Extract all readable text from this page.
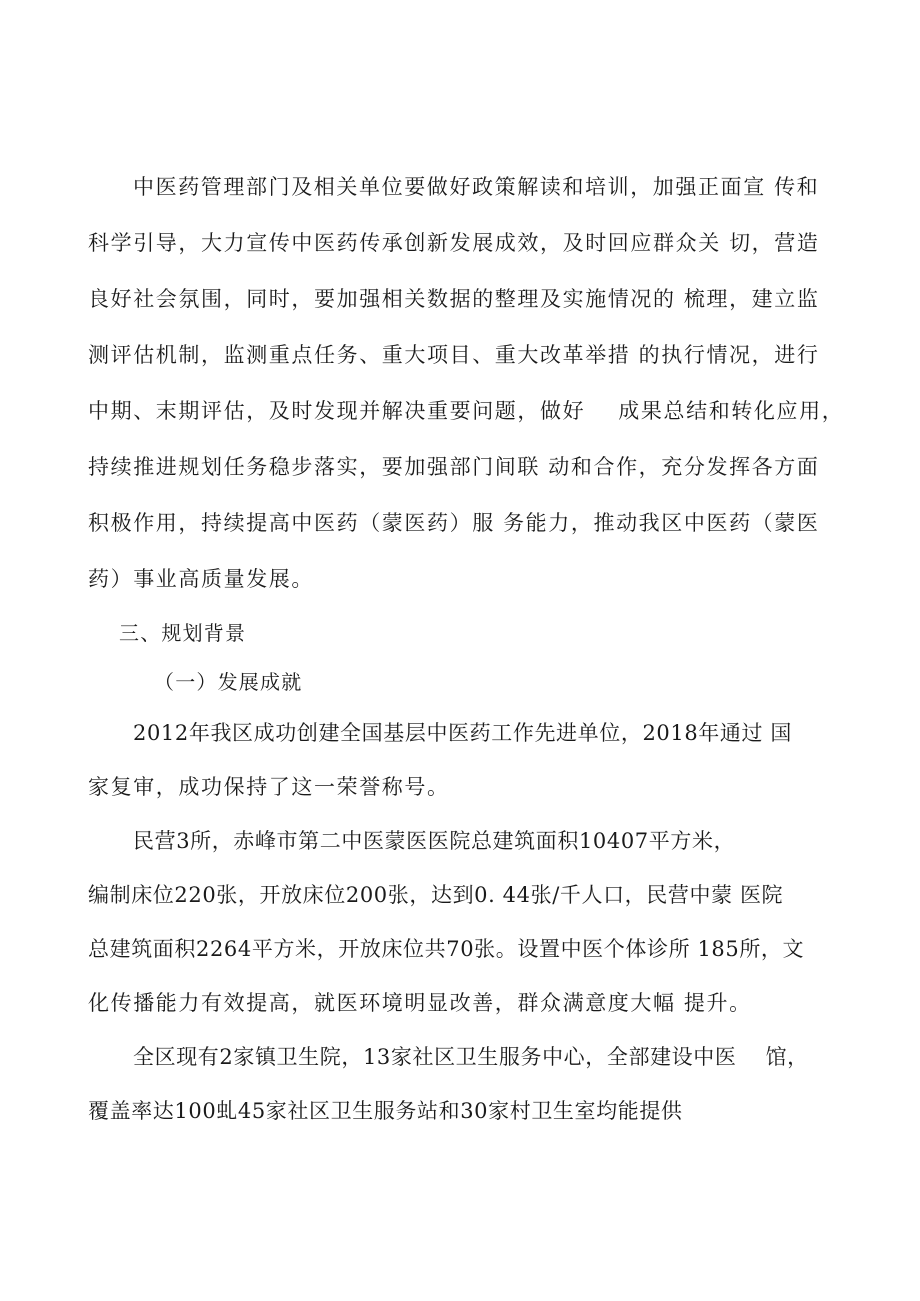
中医药管理部门及相关单位要做好政策解读和培训，加强正面宣 传和

科学引导，大力宣传中医药传承创新发展成效，及时回应群众关 切，营造

良好社会氛围，同时，要加强相关数据的整理及实施情况的 梳理，建立监

测评估机制，监测重点任务、重大项目、重大改革举措 的执行情况，进行

中期、末期评估，及时发现并解决重要问题，做好    成果总结和转化应用，

持续推进规划任务稳步落实，要加强部门间联 动和合作，充分发挥各方面

积极作用，持续提高中医药（蒙医药）服 务能力，推动我区中医药（蒙医

药）事业高质量发展。

三、规划背景

（一）发展成就

2012年我区成功创建全国基层中医药工作先进单位，2018年通过 国

家复审，成功保持了这一荣誉称号。

民营3所，赤峰市第二中医蒙医医院总建筑面积10407平方米，

编制床位220张，开放床位200张，达到0. 44张/千人口，民营中蒙 医院

总建筑面积2264平方米，开放床位共70张。设置中医个体诊所 185所，文

化传播能力有效提高，就医环境明显改善，群众满意度大幅 提升。

全区现有2家镇卫生院，13家社区卫生服务中心，全部建设中医    馆，

覆盖率达100虬45家社区卫生服务站和30家村卫生室均能提供
